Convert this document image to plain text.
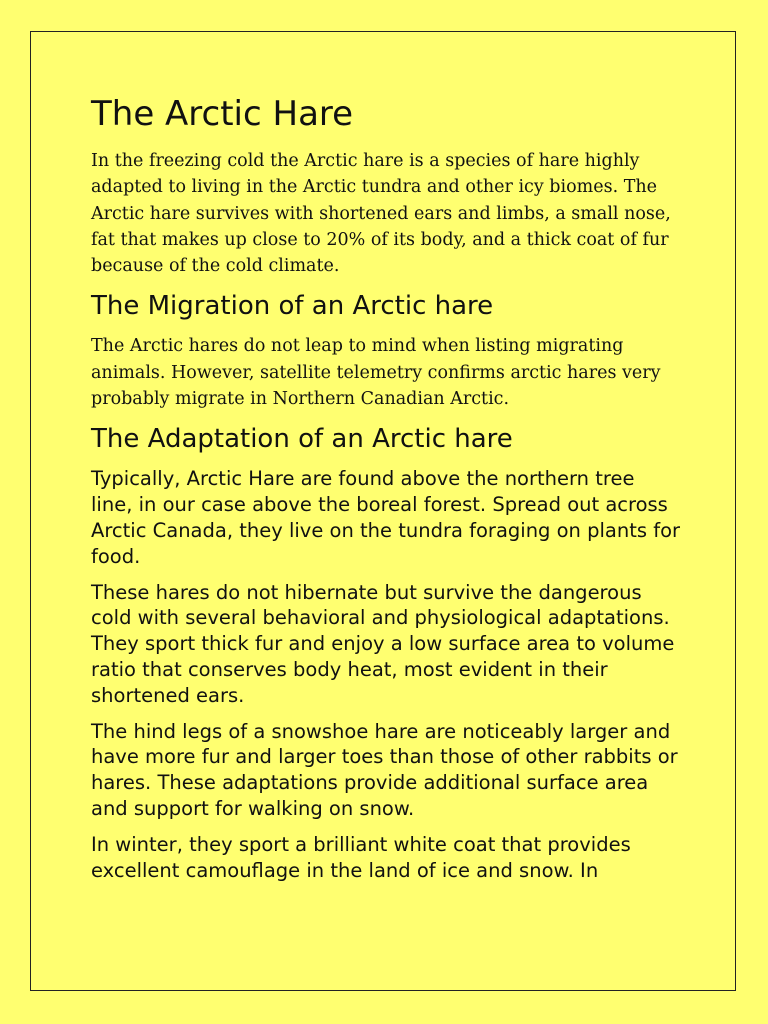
The Arctic Hare

In the freezing cold the Arctic hare is a species of hare highly adapted to living in the Arctic tundra and other icy biomes. The Arctic hare survives with shortened ears and limbs, a small nose, fat that makes up close to 20% of its body, and a thick coat of fur because of the cold climate.

The Migration of an Arctic hare

The Arctic hares do not leap to mind when listing migrating animals. However, satellite telemetry confirms arctic hares very probably migrate in Northern Canadian Arctic.

The Adaptation of an Arctic hare

Typically, Arctic Hare are found above the northern tree line, in our case above the boreal forest. Spread out across Arctic Canada, they live on the tundra foraging on plants for food.

These hares do not hibernate but survive the dangerous cold with several behavioral and physiological adaptations. They sport thick fur and enjoy a low surface area to volume ratio that conserves body heat, most evident in their shortened ears.

The hind legs of a snowshoe hare are noticeably larger and have more fur and larger toes than those of other rabbits or hares. These adaptations provide additional surface area and support for walking on snow.

In winter, they sport a brilliant white coat that provides excellent camouflage in the land of ice and snow. In
